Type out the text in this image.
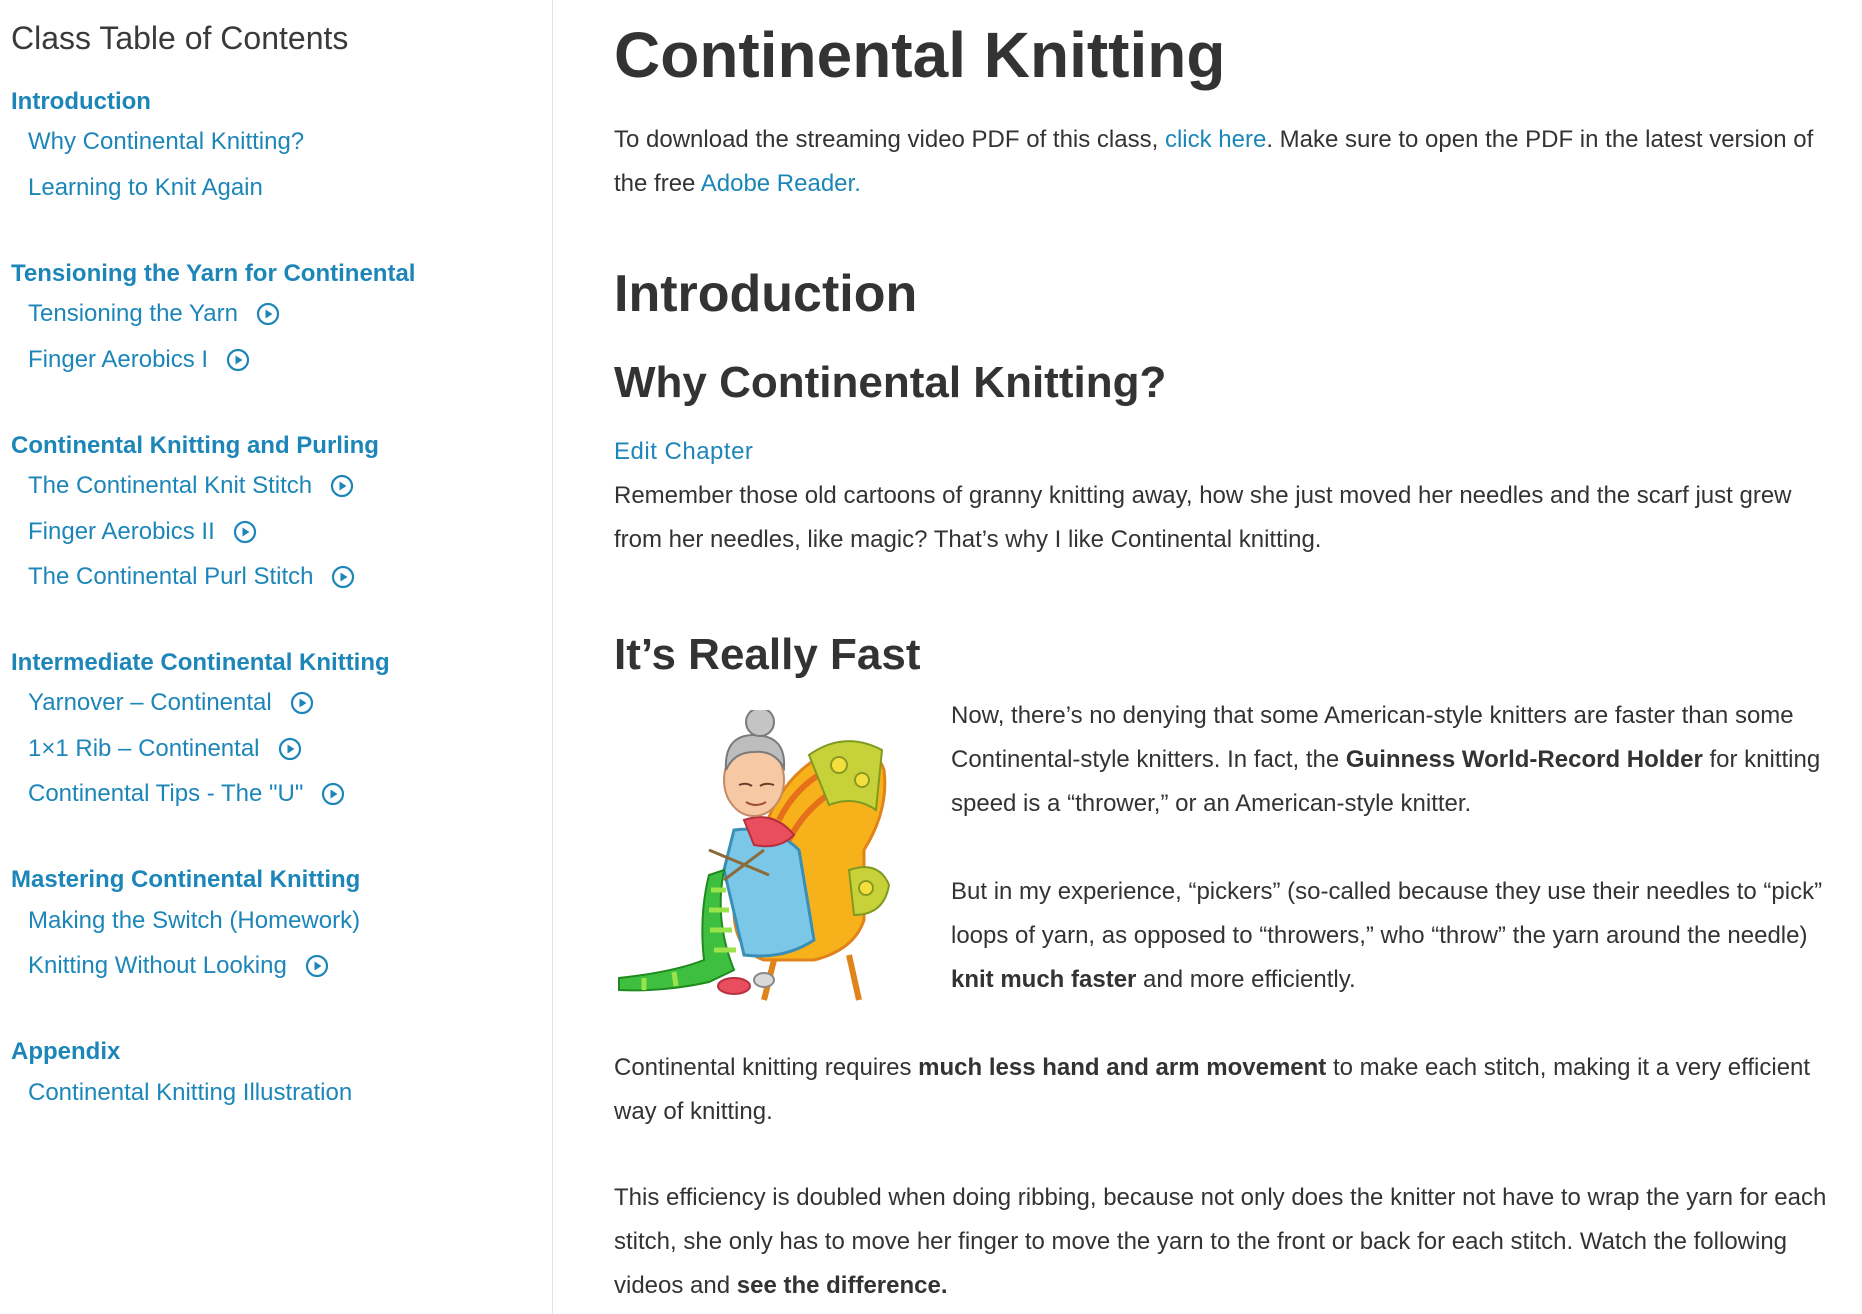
Class Table of Contents
Introduction
Why Continental Knitting?
Learning to Knit Again
Tensioning the Yarn for Continental
Tensioning the Yarn
Finger Aerobics I
Continental Knitting and Purling
The Continental Knit Stitch
Finger Aerobics II
The Continental Purl Stitch
Intermediate Continental Knitting
Yarnover – Continental
1×1 Rib – Continental
Continental Tips - The "U"
Mastering Continental Knitting
Making the Switch (Homework)
Knitting Without Looking
Appendix
Continental Knitting Illustration
Continental Knitting

To download the streaming video PDF of this class, click here. Make sure to open the PDF in the latest version of the free Adobe Reader.

Introduction
Why Continental Knitting?
Edit Chapter

Remember those old cartoons of granny knitting away, how she just moved her needles and the scarf just grew from her needles, like magic? That’s why I like Continental knitting.

It’s Really Fast

Now, there’s no denying that some American-style knitters are faster than some Continental-style knitters. In fact, the Guinness World-Record Holder for knitting speed is a “thrower,” or an American-style knitter.

But in my experience, “pickers” (so-called because they use their needles to “pick” loops of yarn, as opposed to “throwers,” who “throw” the yarn around the needle) knit much faster and more efficiently.

Continental knitting requires much less hand and arm movement to make each stitch, making it a very efficient way of knitting.

This efficiency is doubled when doing ribbing, because not only does the knitter not have to wrap the yarn for each stitch, she only has to move her finger to move the yarn to the front or back for each stitch. Watch the following videos and see the difference.
